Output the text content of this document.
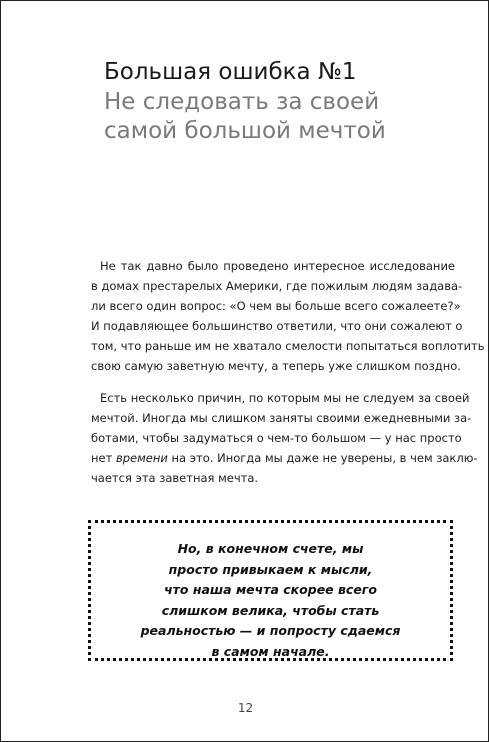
Большая ошибка №1
Не следовать за своей
самой большой мечтой
Не так давно было проведено интересное исследование
в домах престарелых Америки, где пожилым людям задава-
ли всего один вопрос: «О чем вы больше всего сожалеете?»
И подавляющее большинство ответили, что они сожалеют о
том, что раньше им не хватало смелости попытаться воплотить
свою самую заветную мечту, а теперь уже слишком поздно.
Есть несколько причин, по которым мы не следуем за своей
мечтой. Иногда мы слишком заняты своими ежедневными за-
ботами, чтобы задуматься о чем-то большом — у нас просто
нет времени на это. Иногда мы даже не уверены, в чем заклю-
чается эта заветная мечта.
Но, в конечном счете, мы
просто привыкаем к мысли,
что наша мечта скорее всего
слишком велика, чтобы стать
реальностью — и попросту сдаемся
в самом начале.
12
